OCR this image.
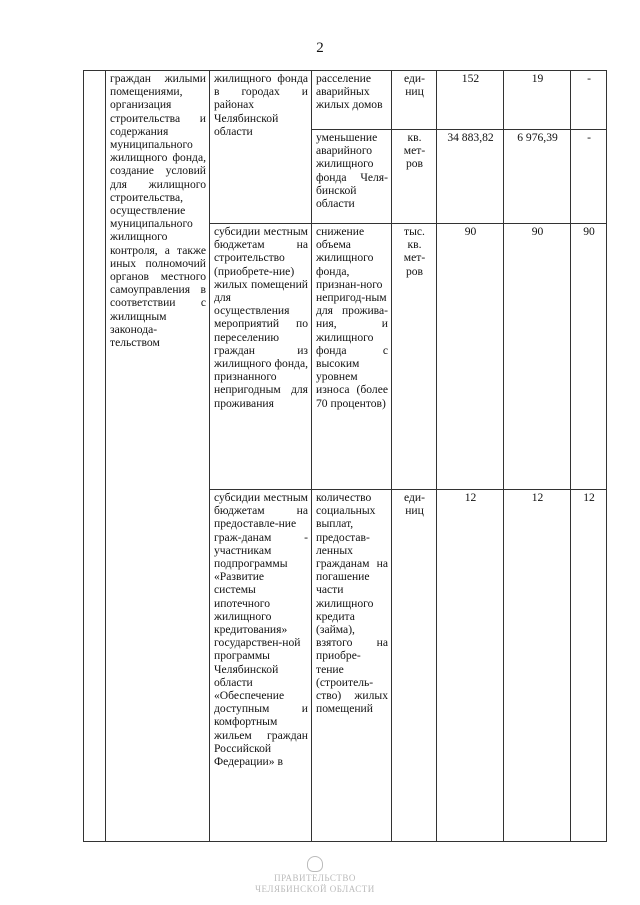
2
	граждан жилыми помещениями, организация строительства и содержания муниципального жилищного фонда, создание условий для жилищного строительства, осуществление муниципального жилищного контроля, а также иных полномочий органов местного самоуправления в соответствии с жилищным законода-тельством	жилищного фонда в городах и районах Челябинской области	расселение аварийных жилых домов	еди-ниц	152	19	-
			уменьшение аварийного жилищного фонда Челя-бинской области	кв. мет-ров	34 883,82	6 976,39	-
		субсидии местным бюджетам на строительство (приобрете-ние) жилых помещений для осуществления мероприятий по переселению граждан из жилищного фонда, признанного непригодным для проживания	снижение объема жилищного фонда, признан-ного непригод-ным для прожива-ния, и жилищного фонда с высоким уровнем износа (более 70 процентов)	тыс. кв. мет-ров	90	90	90
		субсидии местным бюджетам на предоставле-ние граж-данам - участникам подпрограммы «Развитие системы ипотечного жилищного кредитования» государствен-ной программы Челябинской области «Обеспечение доступным и комфортным жильем граждан Российской Федерации» в	количество социальных выплат, предостав-ленных гражданам на погашение части жилищного кредита (займа), взятого на приобре-тение (строитель-ство) жилых помещений	еди-ниц	12	12	12
ПРАВИТЕЛЬСТВО
ЧЕЛЯБИНСКОЙ ОБЛАСТИ
